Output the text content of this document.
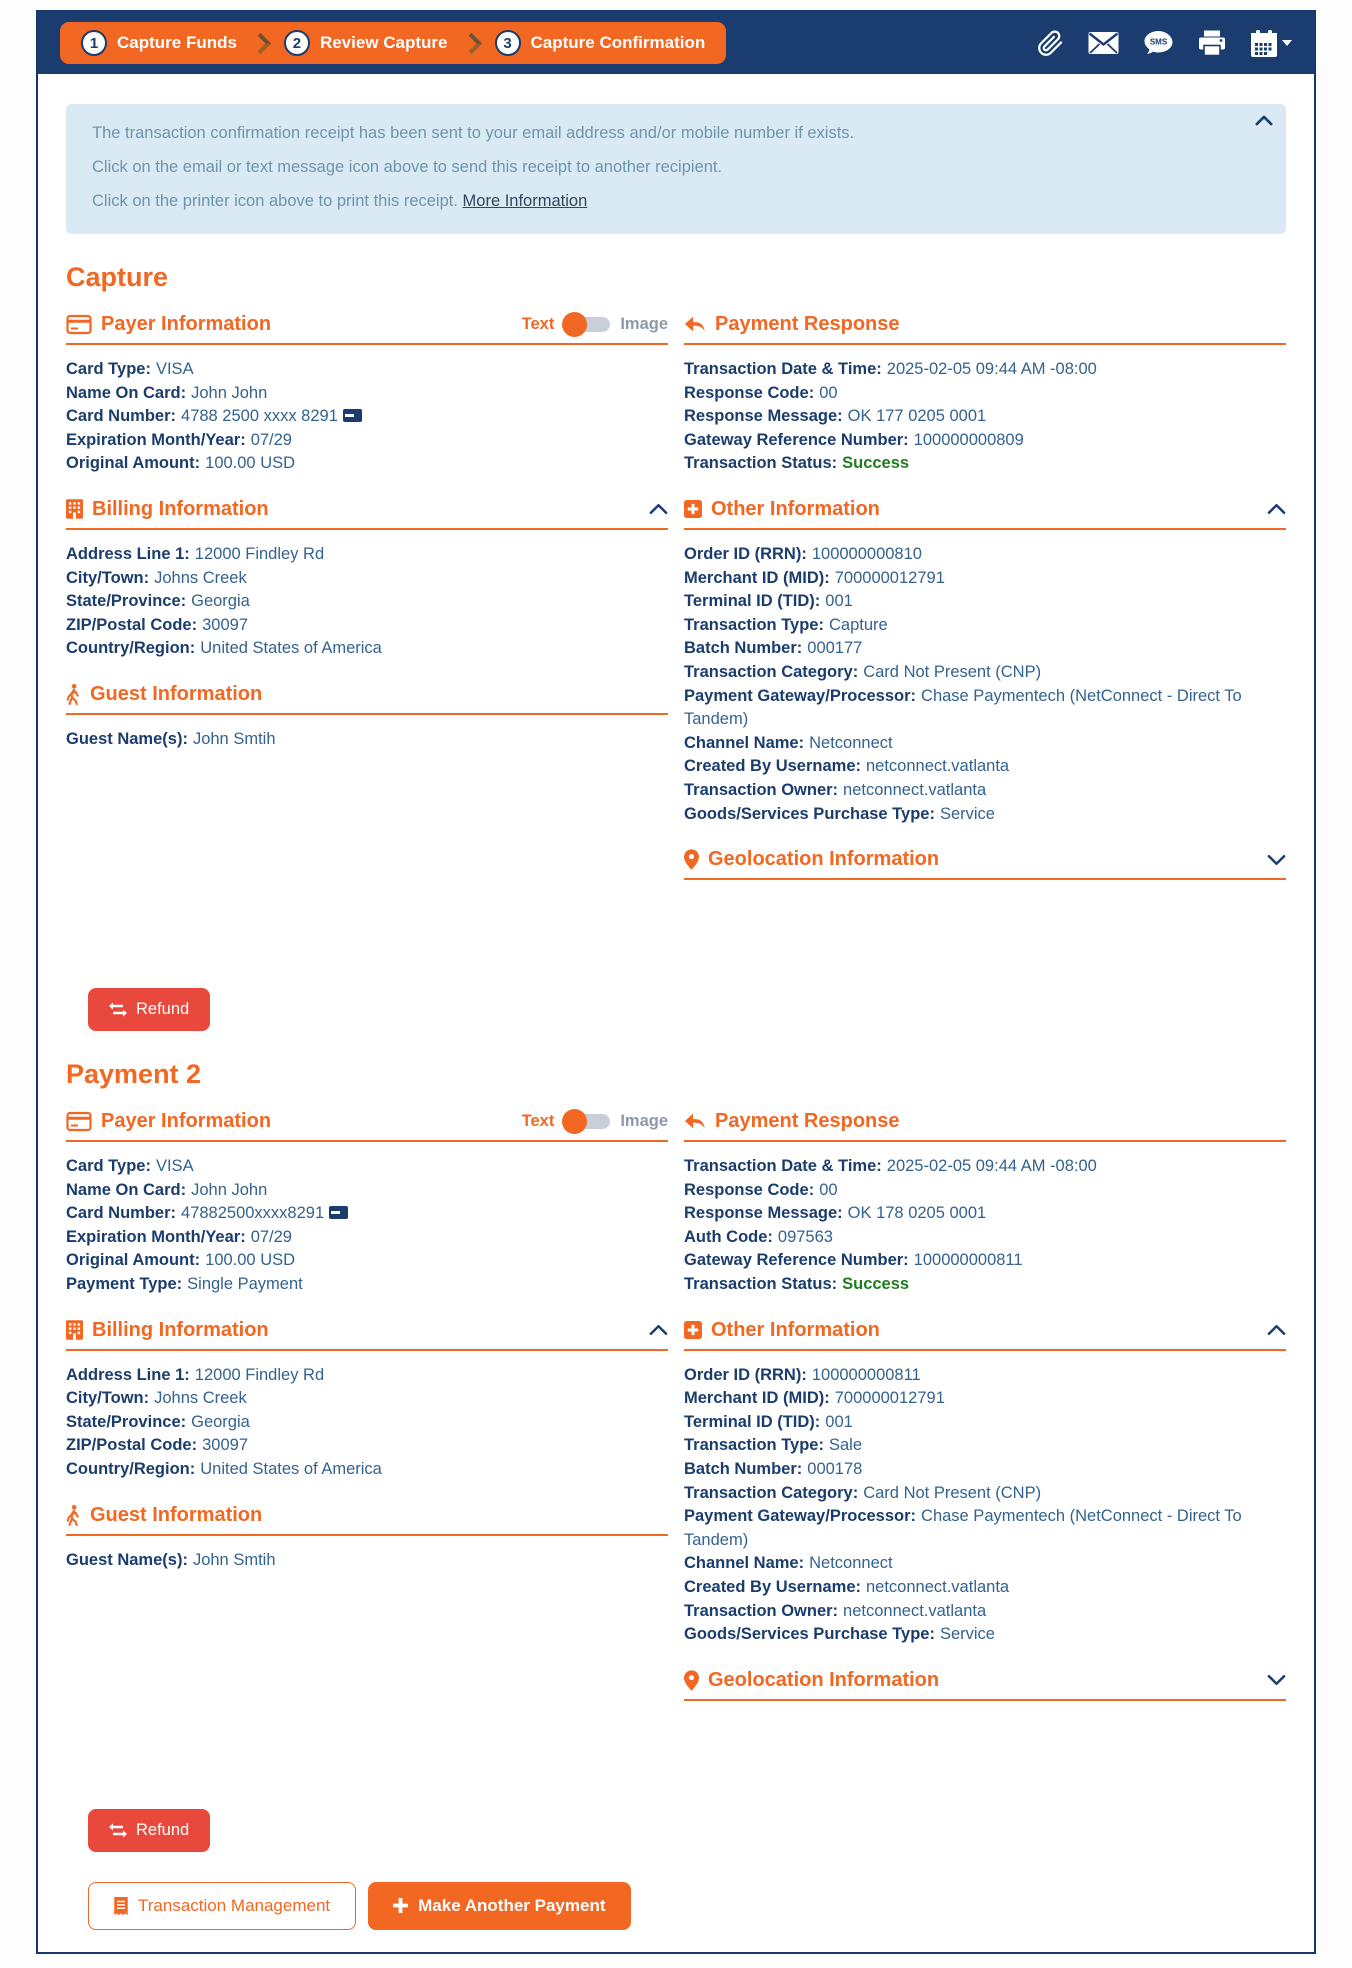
1	Capture Funds	2	Review Capture	3	Capture Confirmation	SMS

The transaction confirmation receipt has been sent to your email address and/or mobile number if exists.

Click on the email or text message icon above to send this receipt to another recipient.

Click on the printer icon above to print this receipt. More Information

Capture
Payer Information	Text	Image
Card Type: VISA
Name On Card: John John
Card Number: 4788 2500 xxxx 8291
Expiration Month/Year: 07/29
Original Amount: 100.00 USD
Billing Information
Address Line 1: 12000 Findley Rd
City/Town: Johns Creek
State/Province: Georgia
ZIP/Postal Code: 30097
Country/Region: United States of America
Guest Information
Guest Name(s): John Smtih
Payment Response
Transaction Date & Time: 2025-02-05 09:44 AM -08:00
Response Code: 00
Response Message: OK 177 0205 0001
Gateway Reference Number: 100000000809
Transaction Status: Success
Other Information
Order ID (RRN): 100000000810
Merchant ID (MID): 700000012791
Terminal ID (TID): 001
Transaction Type: Capture
Batch Number: 000177
Transaction Category: Card Not Present (CNP)
Payment Gateway/Processor: Chase Paymentech (NetConnect - Direct To Tandem)
Channel Name: Netconnect
Created By Username: netconnect.vatlanta
Transaction Owner: netconnect.vatlanta
Goods/Services Purchase Type: Service
Geolocation Information
Refund
Payment 2
Payer Information	Text	Image
Card Type: VISA
Name On Card: John John
Card Number: 47882500xxxx8291
Expiration Month/Year: 07/29
Original Amount: 100.00 USD
Payment Type: Single Payment
Billing Information
Address Line 1: 12000 Findley Rd
City/Town: Johns Creek
State/Province: Georgia
ZIP/Postal Code: 30097
Country/Region: United States of America
Guest Information
Guest Name(s): John Smtih
Payment Response
Transaction Date & Time: 2025-02-05 09:44 AM -08:00
Response Code: 00
Response Message: OK 178 0205 0001
Auth Code: 097563
Gateway Reference Number: 100000000811
Transaction Status: Success
Other Information
Order ID (RRN): 100000000811
Merchant ID (MID): 700000012791
Terminal ID (TID): 001
Transaction Type: Sale
Batch Number: 000178
Transaction Category: Card Not Present (CNP)
Payment Gateway/Processor: Chase Paymentech (NetConnect - Direct To Tandem)
Channel Name: Netconnect
Created By Username: netconnect.vatlanta
Transaction Owner: netconnect.vatlanta
Goods/Services Purchase Type: Service
Geolocation Information
Refund
Transaction Management	Make Another Payment
